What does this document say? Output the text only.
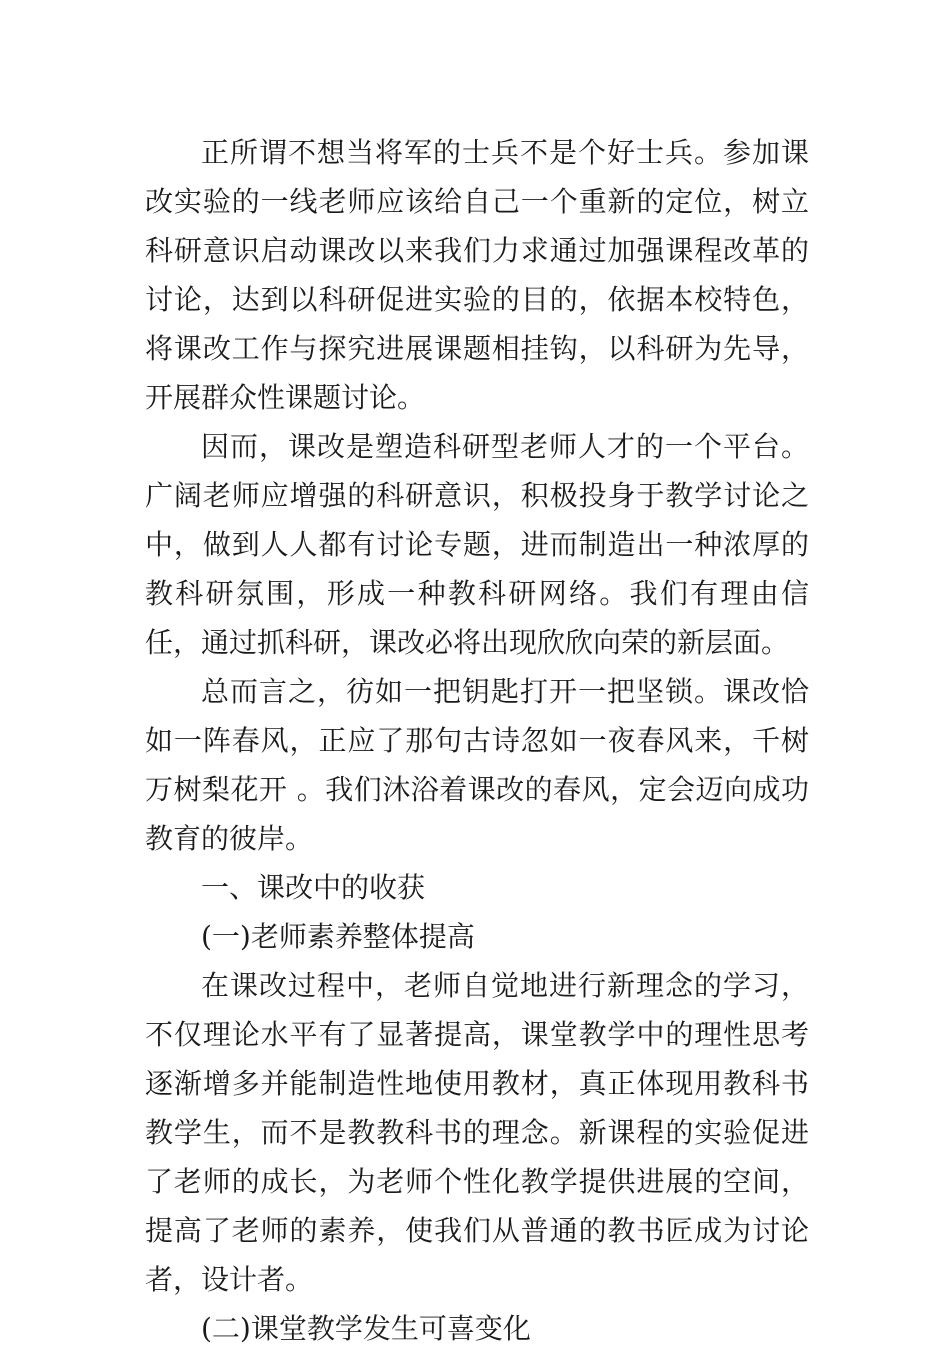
正所谓不想当将军的士兵不是个好士兵。参加课改实验的一线老师应该给自己一个重新的定位，树立科研意识启动课改以来我们力求通过加强课程改革的讨论，达到以科研促进实验的目的，依据本校特色，将课改工作与探究进展课题相挂钩，以科研为先导，开展群众性课题讨论。

因而，课改是塑造科研型老师人才的一个平台。广阔老师应增强的科研意识，积极投身于教学讨论之中，做到人人都有讨论专题，进而制造出一种浓厚的教科研氛围，形成一种教科研网络。我们有理由信任，通过抓科研，课改必将出现欣欣向荣的新层面。

总而言之，彷如一把钥匙打开一把坚锁。课改恰如一阵春风，正应了那句古诗忽如一夜春风来，千树万树梨花开 。我们沐浴着课改的春风，定会迈向成功教育的彼岸。

一、课改中的收获

(一)老师素养整体提高

在课改过程中，老师自觉地进行新理念的学习，不仅理论水平有了显著提高，课堂教学中的理性思考逐渐增多并能制造性地使用教材，真正体现用教科书教学生，而不是教教科书的理念。新课程的实验促进了老师的成长，为老师个性化教学提供进展的空间，提高了老师的素养，使我们从普通的教书匠成为讨论者，设计者。

(二)课堂教学发生可喜变化
